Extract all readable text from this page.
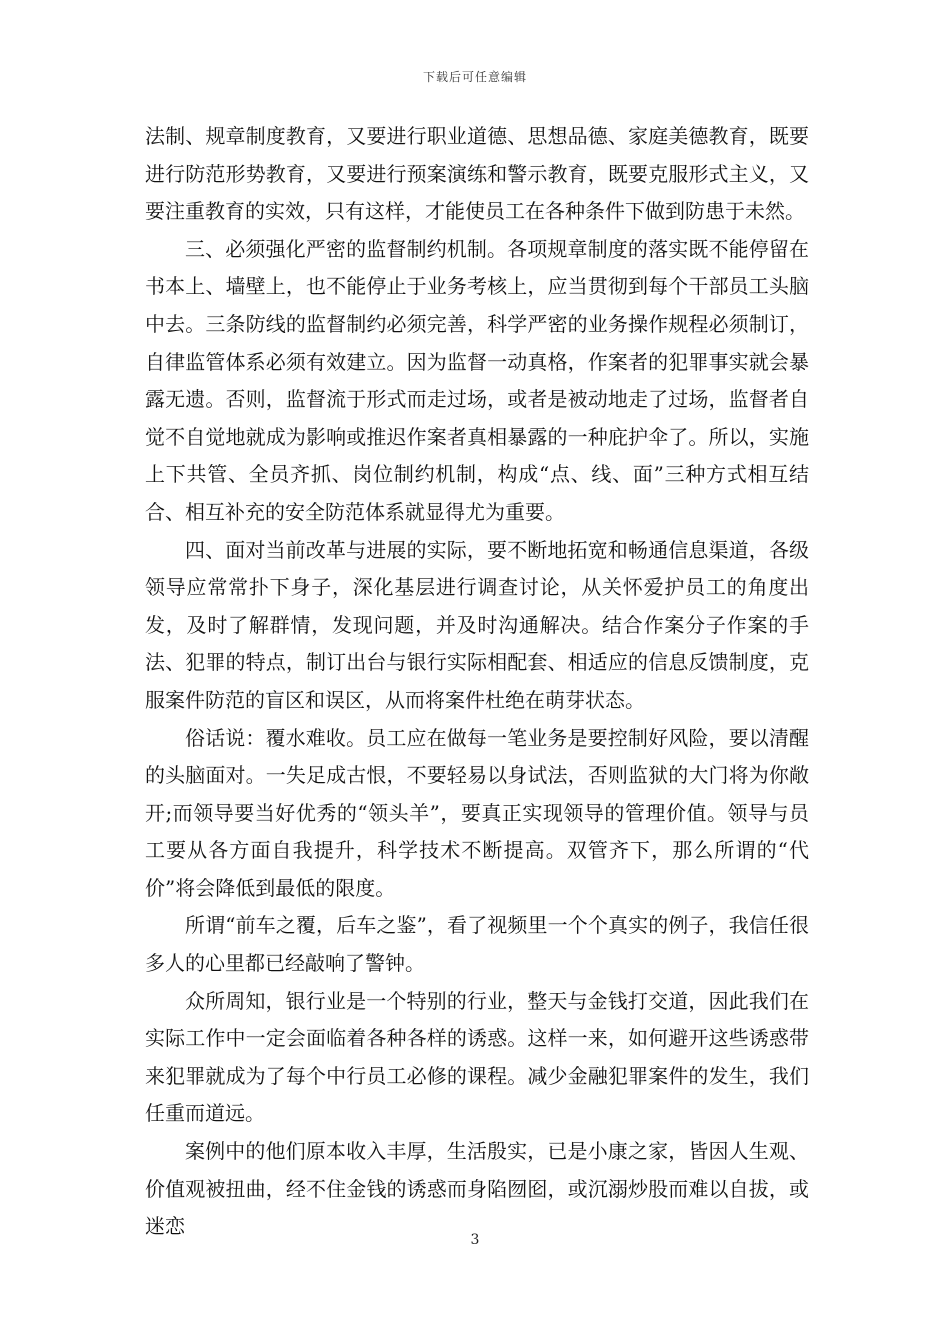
下载后可任意编辑

法制、规章制度教育，又要进行职业道德、思想品德、家庭美德教育，既要进行防范形势教育，又要进行预案演练和警示教育，既要克服形式主义，又要注重教育的实效，只有这样，才能使员工在各种条件下做到防患于未然。

三、必须强化严密的监督制约机制。各项规章制度的落实既不能停留在书本上、墙壁上，也不能停止于业务考核上，应当贯彻到每个干部员工头脑中去。三条防线的监督制约必须完善，科学严密的业务操作规程必须制订，自律监管体系必须有效建立。因为监督一动真格，作案者的犯罪事实就会暴露无遗。否则，监督流于形式而走过场，或者是被动地走了过场，监督者自觉不自觉地就成为影响或推迟作案者真相暴露的一种庇护伞了。所以，实施上下共管、全员齐抓、岗位制约机制，构成“点、线、面”三种方式相互结合、相互补充的安全防范体系就显得尤为重要。

四、面对当前改革与进展的实际，要不断地拓宽和畅通信息渠道，各级领导应常常扑下身子，深化基层进行调查讨论，从关怀爱护员工的角度出发，及时了解群情，发现问题，并及时沟通解决。结合作案分子作案的手法、犯罪的特点，制订出台与银行实际相配套、相适应的信息反馈制度，克服案件防范的盲区和误区，从而将案件杜绝在萌芽状态。

俗话说：覆水难收。员工应在做每一笔业务是要控制好风险，要以清醒的头脑面对。一失足成古恨，不要轻易以身试法，否则监狱的大门将为你敞开;而领导要当好优秀的“领头羊”，要真正实现领导的管理价值。领导与员工要从各方面自我提升，科学技术不断提高。双管齐下，那么所谓的“代价”将会降低到最低的限度。

所谓“前车之覆，后车之鉴”，看了视频里一个个真实的例子，我信任很多人的心里都已经敲响了警钟。

众所周知，银行业是一个特别的行业，整天与金钱打交道，因此我们在实际工作中一定会面临着各种各样的诱惑。这样一来，如何避开这些诱惑带来犯罪就成为了每个中行员工必修的课程。减少金融犯罪案件的发生，我们任重而道远。

案例中的他们原本收入丰厚，生活殷实，已是小康之家，皆因人生观、价值观被扭曲，经不住金钱的诱惑而身陷囫囵，或沉溺炒股而难以自拔，或迷恋

3
